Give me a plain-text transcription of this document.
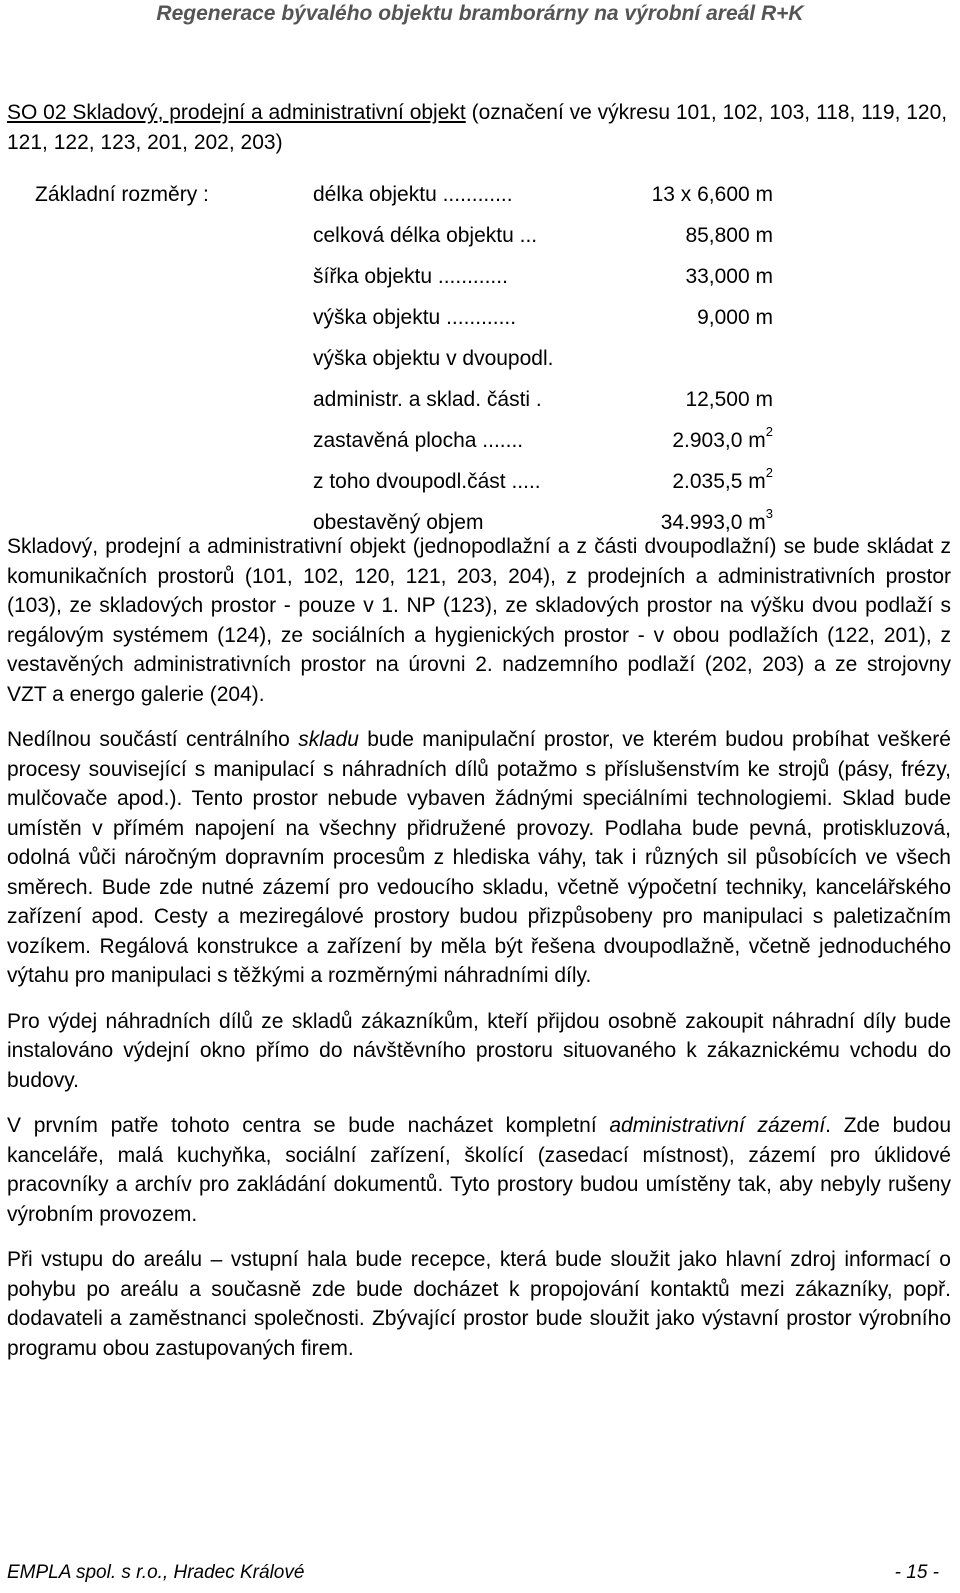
Regenerace bývalého objektu bramborárny na výrobní areál R+K
SO 02 Skladový, prodejní a administrativní objekt (označení ve výkresu 101, 102, 103, 118, 119, 120, 121, 122, 123, 201, 202, 203)
Základní rozměry :	délka objektu ............	13 x 6,600 m
celková délka objektu ...	85,800 m
šířka objektu ............	33,000 m
výška objektu ............	9,000 m
výška objektu v dvoupodl.
administr. a sklad. části .	12,500 m
zastavěná plocha .......	2.903,0 $m^2$
z toho dvoupodl.část .....	2.035,5 $m^2$
obestavěný objem	34.993,0 $m^3$

Skladový, prodejní a administrativní objekt (jednopodlažní a z části dvoupodlažní) se bude skládat z komunikačních prostorů (101, 102, 120, 121, 203, 204), z prodejních a administrativních prostor (103), ze skladových prostor - pouze v 1. NP (123), ze skladových prostor na výšku dvou podlaží s regálovým systémem (124), ze sociálních a hygienických prostor - v obou podlažích (122, 201), z vestavěných administrativních prostor na úrovni 2. nadzemního podlaží (202, 203) a ze strojovny VZT a energo galerie (204).

Nedílnou součástí centrálního skladu bude manipulační prostor, ve kterém budou probíhat veškeré procesy související s manipulací s náhradních dílů potažmo s příslušenstvím ke strojů (pásy, frézy, mulčovače apod.). Tento prostor nebude vybaven žádnými speciálními technologiemi. Sklad bude umístěn v přímém napojení na všechny přidružené provozy. Podlaha bude pevná, protiskluzová, odolná vůči náročným dopravním procesům z hlediska váhy, tak i různých sil působících ve všech směrech. Bude zde nutné zázemí pro vedoucího skladu, včetně výpočetní techniky, kancelářského zařízení apod. Cesty a meziregálové prostory budou přizpůsobeny pro manipulaci s paletizačním vozíkem. Regálová konstrukce a zařízení by měla být řešena dvoupodlažně, včetně jednoduchého výtahu pro manipulaci s těžkými a rozměrnými náhradními díly.

Pro výdej náhradních dílů ze skladů zákazníkům, kteří přijdou osobně zakoupit náhradní díly bude instalováno výdejní okno přímo do návštěvního prostoru situovaného k zákaznickému vchodu do budovy.

V prvním patře tohoto centra se bude nacházet kompletní administrativní zázemí. Zde budou kanceláře, malá kuchyňka, sociální zařízení, školící (zasedací místnost), zázemí pro úklidové pracovníky a archív pro zakládání dokumentů. Tyto prostory budou umístěny tak, aby nebyly rušeny výrobním provozem.

Při vstupu do areálu – vstupní hala bude recepce, která bude sloužit jako hlavní zdroj informací o pohybu po areálu a současně zde bude docházet k propojování kontaktů mezi zákazníky, popř. dodavateli a zaměstnanci společnosti. Zbývající prostor bude sloužit jako výstavní prostor výrobního programu obou zastupovaných firem.

EMPLA spol. s r.o., Hradec Králové	- 15 -
